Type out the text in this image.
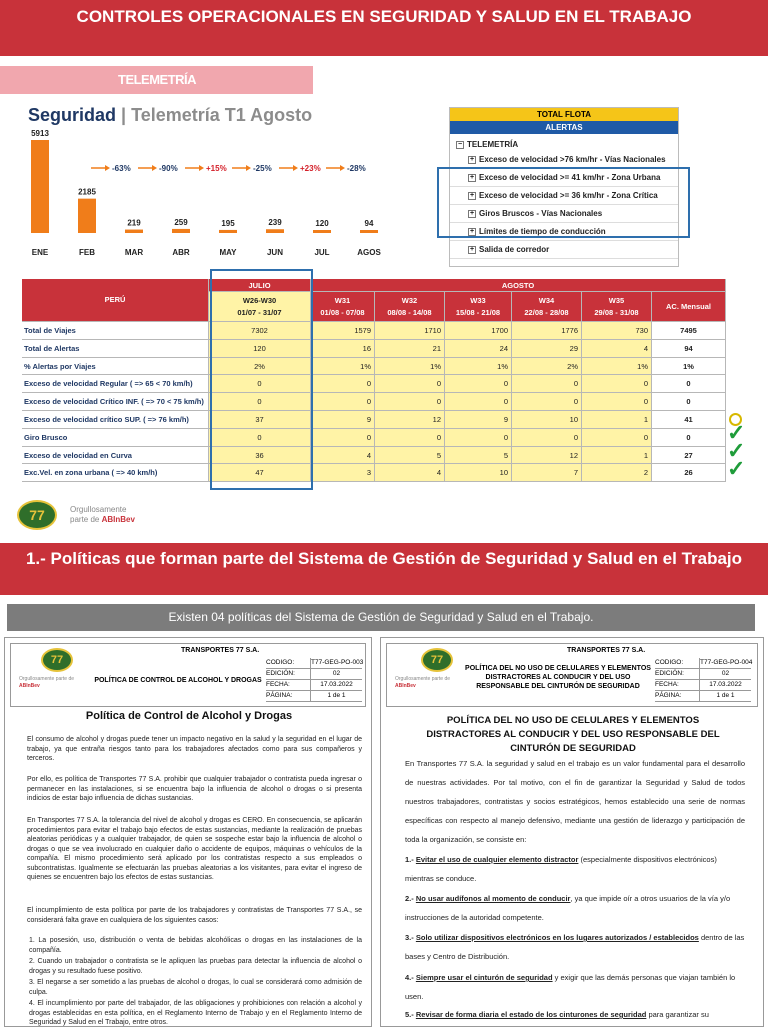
CONTROLES OPERACIONALES EN SEGURIDAD Y SALUD EN EL TRABAJO
TELEMETRÍA
Seguridad | Telemetría T1 Agosto
5913
ENE
2185
FEB
219
MAR
259
ABR
195
MAY
239
JUN
120
JUL
94
AGOS
-63%	-90%	+15%	-25%	+23%	-28%
TOTAL FLOTA
ALERTAS
− TELEMETRÍA
+ Exceso de velocidad >76 km/hr - Vías Nacionales
+ Exceso de velocidad >= 41 km/hr - Zona Urbana
+ Exceso de velocidad >= 36 km/hr - Zona Crítica
+ Giros Bruscos - Vías Nacionales
+ Límites de tiempo de conducción
+ Salida de corredor
PERÚ
JULIO	AGOSTO
W26-W30
01/07 - 31/07
W31
01/08 - 07/08
W32
08/08 - 14/08
W33
15/08 - 21/08
W34
22/08 - 28/08
W35
29/08 - 31/08
AC. Mensual
Total de Viajes	7302	1579	1710	1700	1776	730	7495
Total de Alertas	120	16	21	24	29	4	94
% Alertas por Viajes	2%	1%	1%	1%	2%	1%	1%
Exceso de velocidad Regular ( => 65 < 70 km/h)	0	0	0	0	0	0	0
Exceso de velocidad Crítico INF. ( => 70 < 75 km/h)	0	0	0	0	0	0	0
Exceso de velocidad crítico SUP. ( => 76 km/h)	37	9	12	9	10	1	41
Giro Brusco	0	0	0	0	0	0	0
Exceso de velocidad en Curva	36	4	5	5	12	1	27
Exc.Vel. en zona urbana ( => 40 km/h)	47	3	4	10	7	2	26
✓
✓
✓
77	Orgullosamente
parte de ABInBev
1.- Políticas que forman parte del Sistema de Gestión de Seguridad y Salud en el Trabajo
Existen 04 políticas del Sistema de Gestión de Seguridad y Salud en el Trabajo.
77
Orgullosamente parte de
ABInBev
TRANSPORTES 77 S.A.
POLÍTICA DE CONTROL DE ALCOHOL Y DROGAS
CODIGO:	T77-GEG-PO-003
EDICIÓN:	02
FECHA:	17.03.2022
PÁGINA:	1 de 1
Política de Control de Alcohol y Drogas
El consumo de alcohol y drogas puede tener un impacto negativo en la salud y la seguridad en el lugar de trabajo, ya que entraña riesgos tanto para los trabajadores afectados como para sus compañeros y terceros.
Por ello, es política de Transportes 77 S.A. prohibir que cualquier trabajador o contratista pueda ingresar o permanecer en las instalaciones, si se encuentra bajo la influencia de alcohol o drogas o si presenta indicios de estar bajo influencia de dichas sustancias.
En Transportes 77 S.A. la tolerancia del nivel de alcohol y drogas es CERO. En consecuencia, se aplicarán procedimientos para evitar el trabajo bajo efectos de estas sustancias, mediante la realización de pruebas aleatorias periódicas y a cualquier trabajador, de quien se sospeche estar bajo la influencia de alcohol o drogas o que se vea involucrado en cualquier daño o accidente de equipos, máquinas o vehículos de la compañía. El mismo procedimiento será aplicado por los contratistas respecto a sus empleados o subcontratistas. Igualmente se efectuarán las pruebas aleatorias a los visitantes, para evitar el ingreso de quienes se encuentren bajo los efectos de estas sustancias.
El incumplimiento de esta política por parte de los trabajadores y contratistas de Transportes 77 S.A., se considerará falta grave en cualquiera de los siguientes casos:
1. La posesión, uso, distribución o venta de bebidas alcohólicas o drogas en las instalaciones de la compañía.
2. Cuando un trabajador o contratista se le apliquen las pruebas para detectar la influencia de alcohol o drogas y su resultado fuese positivo.
3. El negarse a ser sometido a las pruebas de alcohol o drogas, lo cual se considerará como admisión de culpa.
4. El incumplimiento por parte del trabajador, de las obligaciones y prohibiciones con relación a alcohol y drogas establecidas en esta política, en el Reglamento Interno de Trabajo y en el Reglamento Interno de Seguridad y Salud en el Trabajo, entre otros.
77
Orgullosamente parte de
ABInBev
TRANSPORTES 77 S.A.
POLÍTICA DEL NO USO DE CELULARES Y ELEMENTOS DISTRACTORES AL CONDUCIR Y DEL USO RESPONSABLE DEL CINTURÓN DE SEGURIDAD
CODIGO:	T77-GEG-PO-004
EDICIÓN:	02
FECHA:	17.03.2022
PÁGINA:	1 de 1
POLÍTICA DEL NO USO DE CELULARES Y ELEMENTOS DISTRACTORES AL CONDUCIR Y DEL USO RESPONSABLE DEL CINTURÓN DE SEGURIDAD
En Transportes 77 S.A. la seguridad y salud en el trabajo es un valor fundamental para el desarrollo de nuestras actividades. Por tal motivo, con el fin de garantizar la Seguridad y Salud de todos nuestros trabajadores, contratistas y socios estratégicos, hemos establecido una serie de normas específicas con respecto al manejo defensivo, mediante una gestión de liderazgo y participación de toda la organización, se consiste en:
1.- Evitar el uso de cualquier elemento distractor (especialmente dispositivos electrónicos) mientras se conduce.
2.- No usar audífonos al momento de conducir, ya que impide oír a otros usuarios de la vía y/o instrucciones de la autoridad competente.
3.- Solo utilizar dispositivos electrónicos en los lugares autorizados / establecidos dentro de las bases y Centro de Distribución.
4.- Siempre usar el cinturón de seguridad y exigir que las demás personas que viajan también lo usen.
5.- Revisar de forma diaria el estado de los cinturones de seguridad para garantizar su
